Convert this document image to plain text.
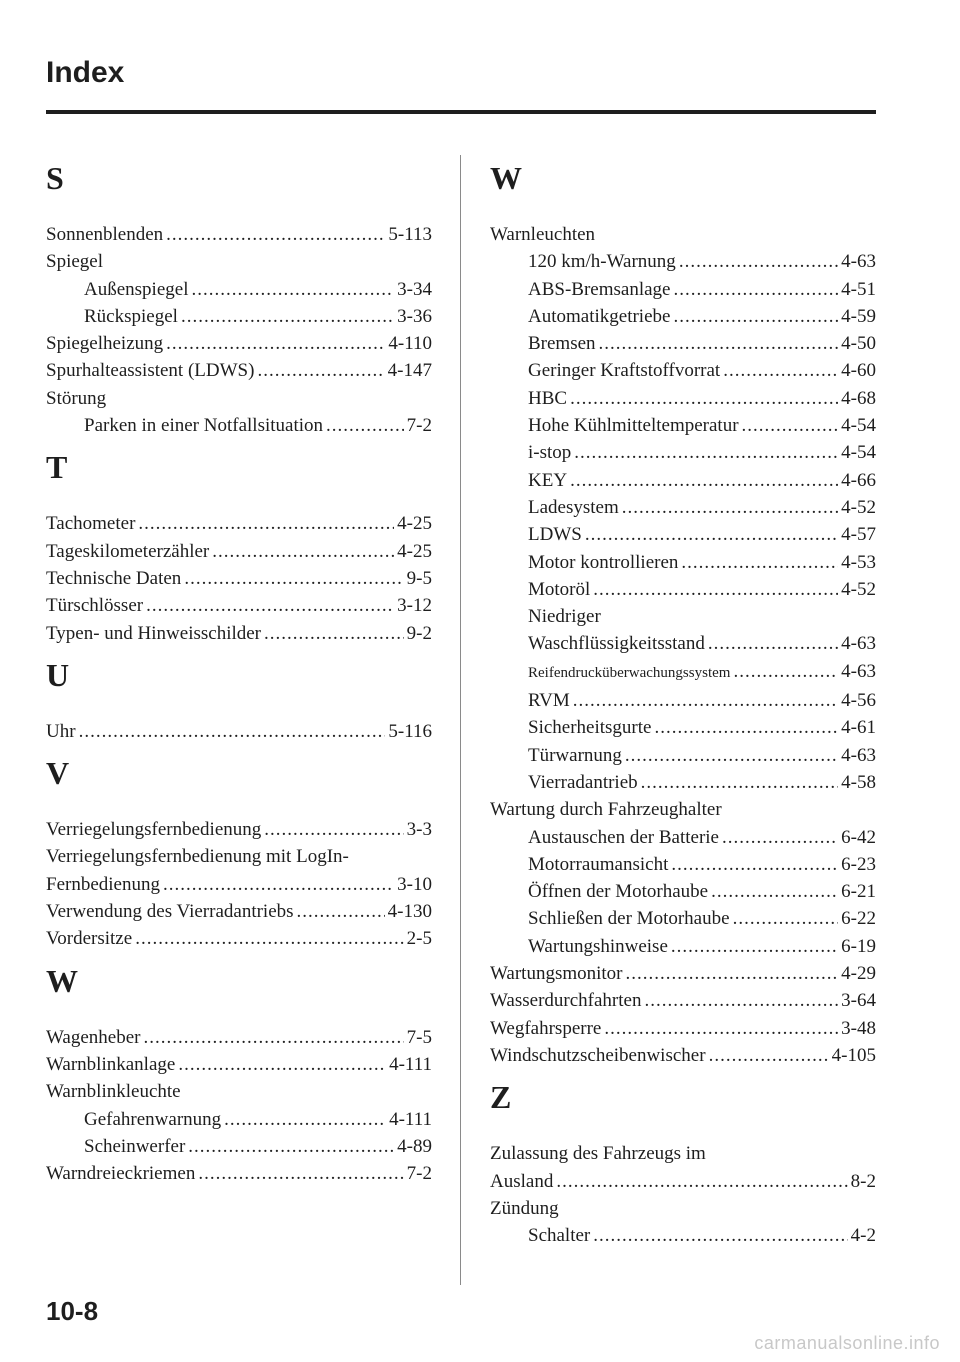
Index
S
Sonnenblenden .....	5-113
Spiegel
Außenspiegel .....	3-34
Rückspiegel .....	3-36
Spiegelheizung .....	4-110
Spurhalteassistent (LDWS) .....	4-147
Störung
Parken in einer Notfallsituation .....	7-2
T
Tachometer .....	4-25
Tageskilometerzähler .....	4-25
Technische Daten .....	9-5
Türschlösser .....	3-12
Typen- und Hinweisschilder .....	9-2
U
Uhr .....	5-116
V
Verriegelungsfernbedienung .....	3-3
Verriegelungsfernbedienung mit LogIn-
Fernbedienung .....	3-10
Verwendung des Vierradantriebs .....	4-130
Vordersitze .....	2-5
W
Wagenheber .....	7-5
Warnblinkanlage .....	4-111
Warnblinkleuchte
Gefahrenwarnung .....	4-111
Scheinwerfer .....	4-89
Warndreieckriemen .....	7-2
W
Warnleuchten
120 km/h-Warnung .....	4-63
ABS-Bremsanlage .....	4-51
Automatikgetriebe .....	4-59
Bremsen .....	4-50
Geringer Kraftstoffvorrat .....	4-60
HBC .....	4-68
Hohe Kühlmitteltemperatur .....	4-54
i-stop .....	4-54
KEY .....	4-66
Ladesystem .....	4-52
LDWS .....	4-57
Motor kontrollieren .....	4-53
Motoröl .....	4-52
Niedriger
Waschflüssigkeitsstand .....	4-63
Reifendrucküberwachungssystem .....	4-63
RVM .....	4-56
Sicherheitsgurte .....	4-61
Türwarnung .....	4-63
Vierradantrieb .....	4-58
Wartung durch Fahrzeughalter
Austauschen der Batterie .....	6-42
Motorraumansicht .....	6-23
Öffnen der Motorhaube .....	6-21
Schließen der Motorhaube .....	6-22
Wartungshinweise .....	6-19
Wartungsmonitor .....	4-29
Wasserdurchfahrten .....	3-64
Wegfahrsperre .....	3-48
Windschutzscheibenwischer .....	4-105
Z
Zulassung des Fahrzeugs im
Ausland .....	8-2
Zündung
Schalter .....	4-2
10-8
carmanualsonline.info
